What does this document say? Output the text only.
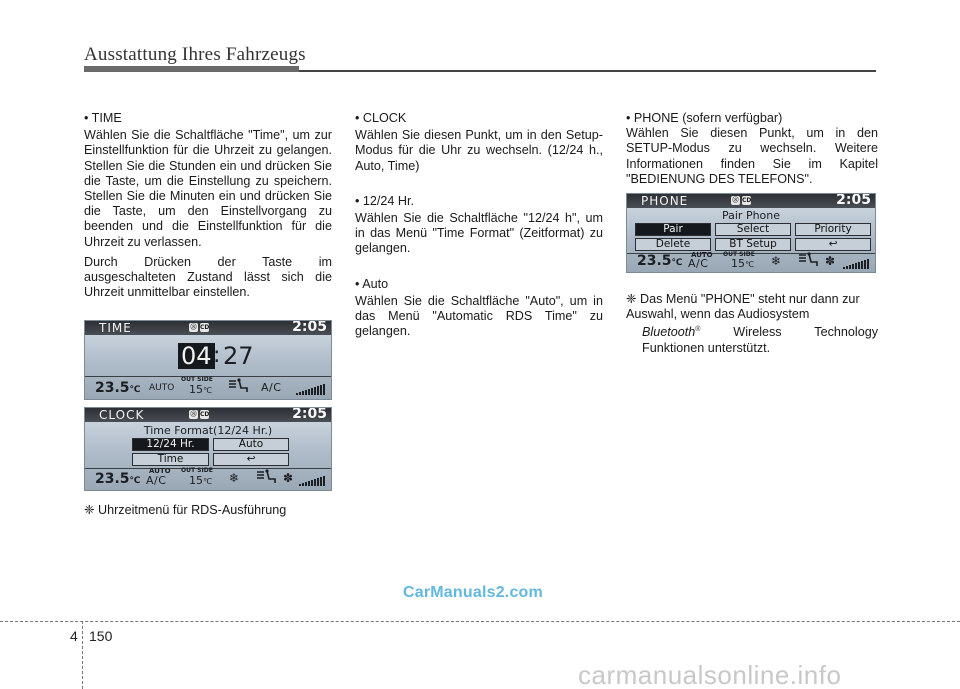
Ausstattung Ihres Fahrzeugs

• TIME

Wählen Sie die Schaltfläche "Time", um zur Einstellfunktion für die Uhrzeit zu gelangen. Stellen Sie die Stunden ein und drücken Sie die Taste, um die Einstellung zu speichern. Stellen Sie die Minuten ein und drücken Sie die Taste, um den Einstellvorgang zu beenden und die Einstellfunktion für die Uhrzeit zu verlassen.

Durch Drücken der Taste im ausgeschalteten Zustand lässt sich die Uhrzeit unmittelbar einstellen.

TIME	Ⓢ CD	2:05
04 : 27
23.5℃ AUTO
OUT SIDE
15℃	A/C
CLOCK	Ⓢ CD	2:05
Time Format(12/24 Hr.)
12/24 Hr.	Auto
Time	↩
23.5℃
AUTO
A/C
OUT SIDE
15℃ ❄	✽
❈ Uhrzeitmenü für RDS-Ausführung

• CLOCK

Wählen Sie diesen Punkt, um in den Setup-Modus für die Uhr zu wechseln. (12/24 h., Auto, Time)

• 12/24 Hr.

Wählen Sie die Schaltfläche "12/24 h", um in das Menü "Time Format" (Zeitformat) zu gelangen.

• Auto

Wählen Sie die Schaltfläche "Auto", um in das Menü "Automatic RDS Time" zu gelangen.

• PHONE (sofern verfügbar)

Wählen Sie diesen Punkt, um in den SETUP-Modus zu wechseln. Weitere Informationen finden Sie im Kapitel "BEDIENUNG DES TELEFONS".

PHONE	Ⓢ CD	2:05
Pair Phone
Pair	Select	Priority
Delete	BT Setup	↩
23.5℃
AUTO
A/C
OUT SIDE
15℃ ❄	✽
❈ Das Menü "PHONE" steht nur dann zur Auswahl, wenn das Audiosystem
Bluetooth® Wireless Technology Funktionen unterstützt.
CarManuals2.com
4 150
carmanualsonline.info
